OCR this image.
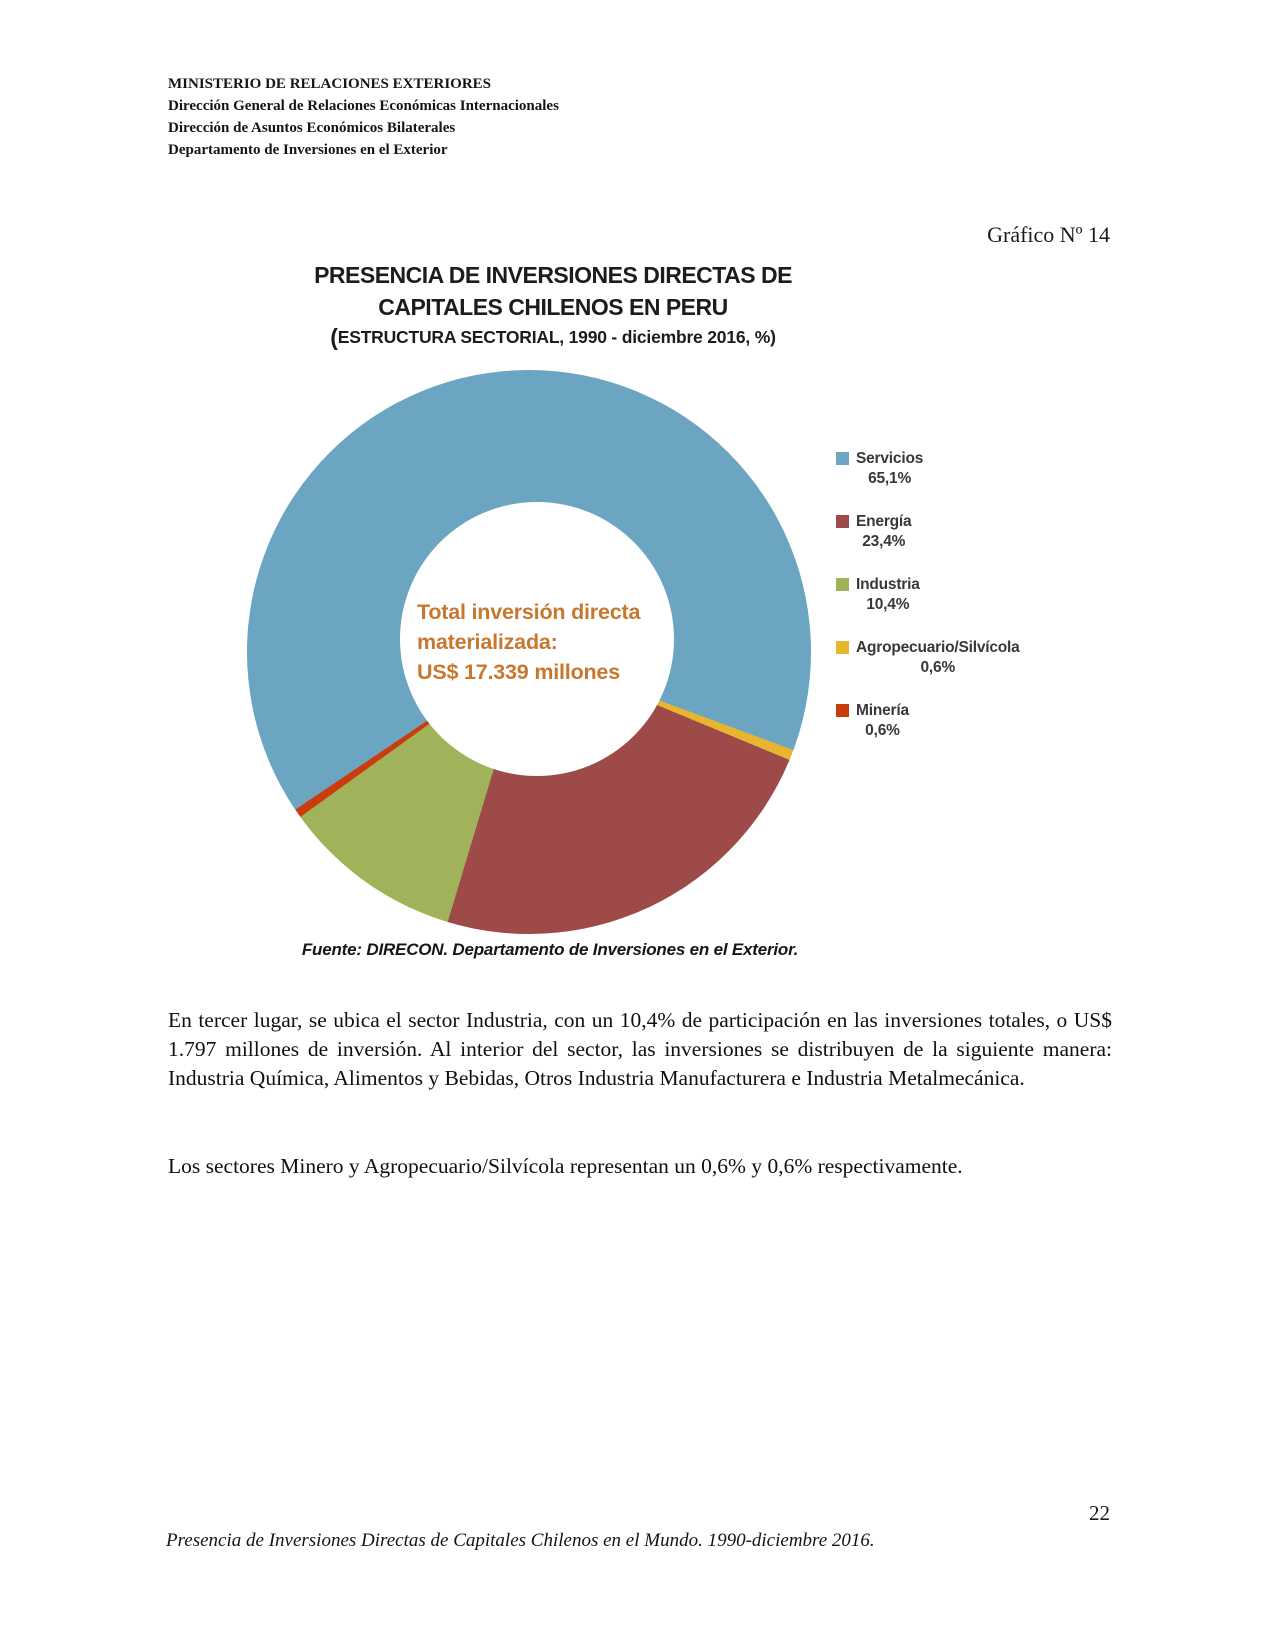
MINISTERIO DE RELACIONES EXTERIORES
Dirección General de Relaciones Económicas Internacionales
Dirección de Asuntos Económicos Bilaterales
Departamento de Inversiones en el Exterior
Gráfico Nº 14
PRESENCIA DE INVERSIONES DIRECTAS DE
CAPITALES CHILENOS EN PERU
(ESTRUCTURA SECTORIAL, 1990 - diciembre 2016, %)
Total inversión directa
materializada:
US$ 17.339 millones
Servicios
65,1%
Energía
23,4%
Industria
10,4%
Agropecuario/Silvícola
0,6%
Minería
0,6%
Fuente: DIRECON. Departamento de Inversiones en el Exterior.
En tercer lugar, se ubica el sector Industria, con un 10,4% de participación en las inversiones totales, o US$ 1.797 millones de inversión. Al interior del sector, las inversiones se distribuyen de la siguiente manera: Industria Química, Alimentos y Bebidas, Otros Industria Manufacturera e Industria Metalmecánica.
Los sectores Minero y Agropecuario/Silvícola representan un 0,6% y 0,6% respectivamente.
22
Presencia de Inversiones Directas de Capitales Chilenos en el Mundo. 1990-diciembre 2016.
